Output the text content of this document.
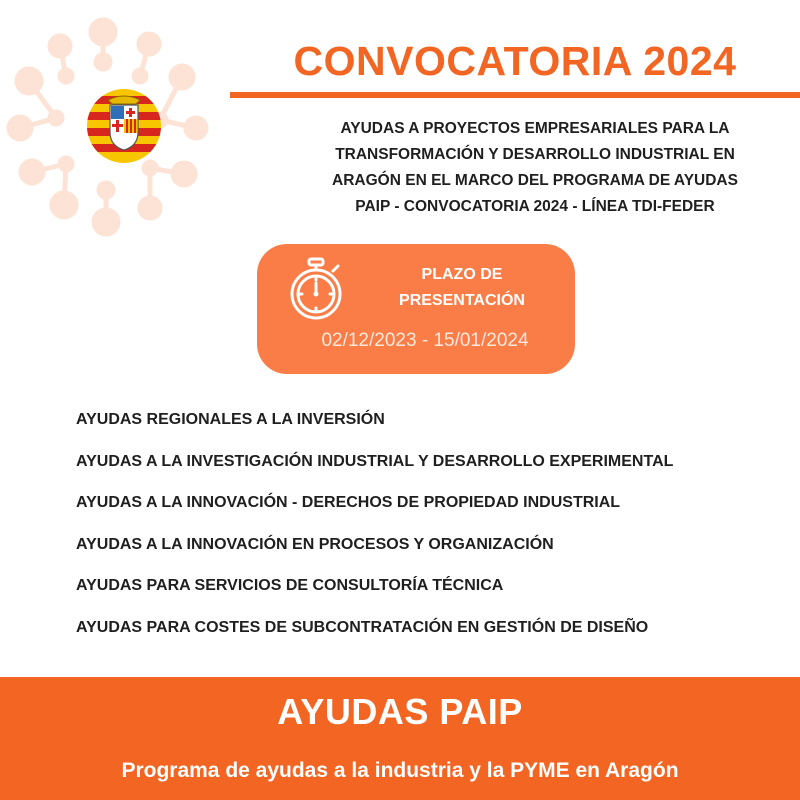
CONVOCATORIA 2024
AYUDAS A PROYECTOS EMPRESARIALES PARA LA
TRANSFORMACIÓN Y DESARROLLO INDUSTRIAL EN
ARAGÓN EN EL MARCO DEL PROGRAMA DE AYUDAS
PAIP - CONVOCATORIA 2024 - LÍNEA TDI-FEDER
PLAZO DE
PRESENTACIÓN
02/12/2023 - 15/01/2024
AYUDAS REGIONALES A LA INVERSIÓN
AYUDAS A LA INVESTIGACIÓN INDUSTRIAL Y DESARROLLO EXPERIMENTAL
AYUDAS A LA INNOVACIÓN - DERECHOS DE PROPIEDAD INDUSTRIAL
AYUDAS A LA INNOVACIÓN EN PROCESOS Y ORGANIZACIÓN
AYUDAS PARA SERVICIOS DE CONSULTORÍA TÉCNICA
AYUDAS PARA COSTES DE SUBCONTRATACIÓN EN GESTIÓN DE DISEÑO
AYUDAS PAIP
Programa de ayudas a la industria y la PYME en Aragón
